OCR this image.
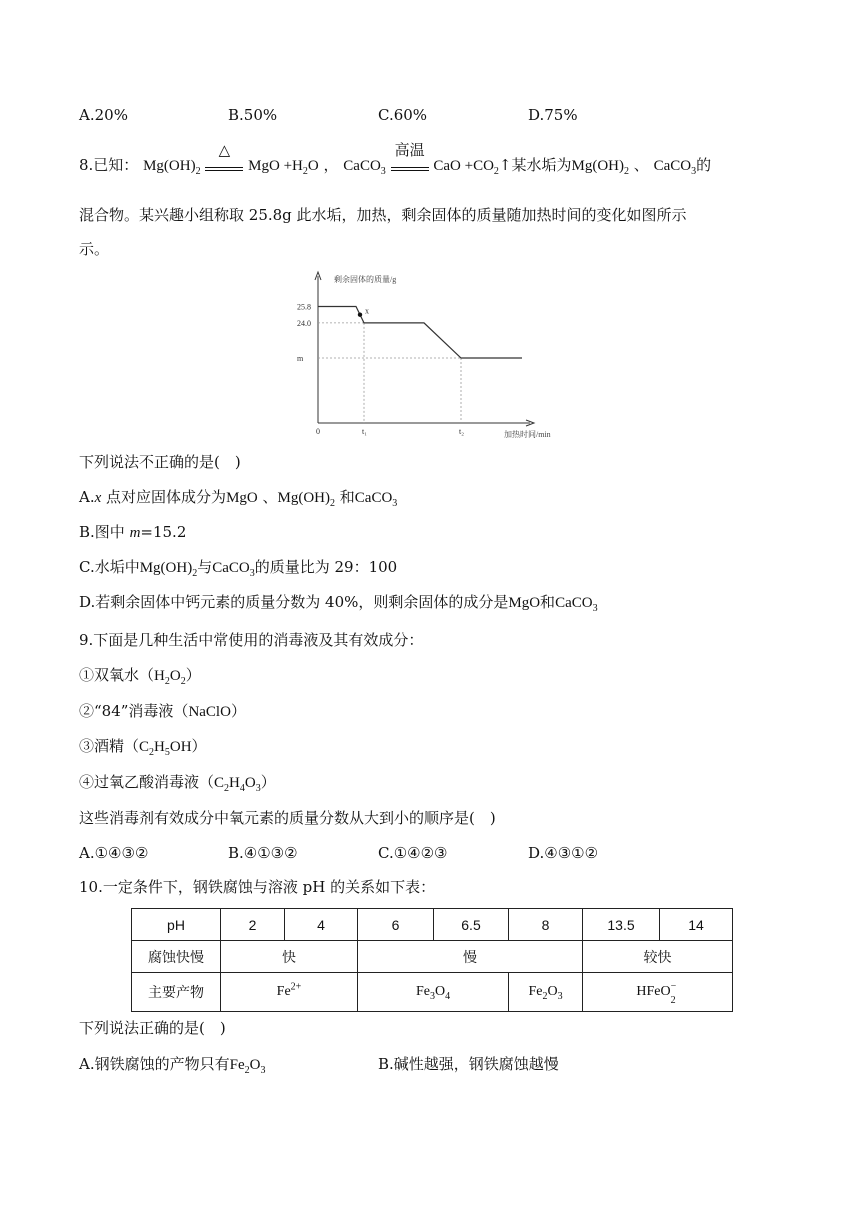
A.20%	B.50%	C.60%	D.75%
8.已知： $Mg(OH)_2$
△
MgO $+H_2O$ ， CaCO$_3$
高温
CaO $+CO_2↑$某水垢为$Mg(OH)_2$ 、 CaCO$_3$的
混合物。某兴趣小组称取 25.8g 此水垢，加热，剩余固体的质量随加热时间的变化如图所示
示。
剩余固体的质量/g
加热时间/min
25.8
24.0
m
0	t₁	t₂
x
下列说法不正确的是(　)
A.x 点对应固体成分为MgO 、$Mg(OH)_2$ 和CaCO$_3$
B.图中 m=15.2
C.水垢中$Mg(OH)_2$与CaCO$_3$的质量比为 29：100
D.若剩余固体中钙元素的质量分数为 40%，则剩余固体的成分是MgO和CaCO$_3$
9.下面是几种生活中常使用的消毒液及其有效成分：
①双氧水$(H_2O_2)$
②“84”消毒液（NaClO）
③酒精$(C_2H_5OH)$
④过氧乙酸消毒液$(C_2H_4O_3)$
这些消毒剂有效成分中氧元素的质量分数从大到小的顺序是(　)
A.①④③②	B.④①③②	C.①④②③	D.④③①②
10.一定条件下，钢铁腐蚀与溶液 pH 的关系如下表：
pH	2	4	6	6.5	8	13.5	14
腐蚀快慢	快		慢			较快	
主要产物	$Fe^{2+}$		$Fe_3O_4$		$Fe_2O_3$	HFeO −
2	
下列说法正确的是(　)
A.钢铁腐蚀的产物只有$Fe_2O_3$	B.碱性越强，钢铁腐蚀越慢
